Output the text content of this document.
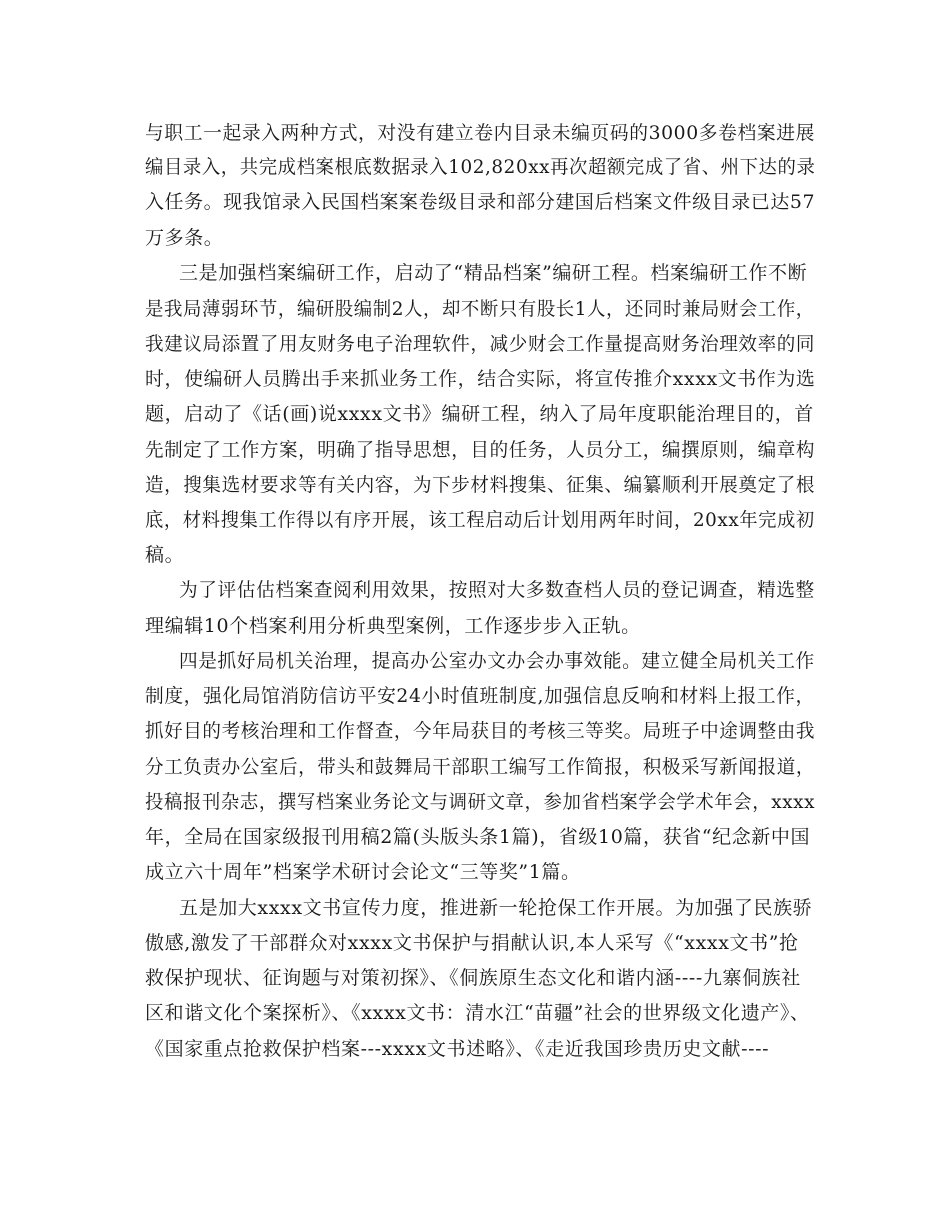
与职工一起录入两种方式，对没有建立卷内目录未编页码的3000多卷档案进展
编目录入，共完成档案根底数据录入102,820xx再次超额完成了省、州下达的录
入任务。现我馆录入民国档案案卷级目录和部分建国后档案文件级目录已达57
万多条。
三是加强档案编研工作，启动了“精品档案”编研工程。档案编研工作不断
是我局薄弱环节，编研股编制2人，却不断只有股长1人，还同时兼局财会工作，
我建议局添置了用友财务电子治理软件，减少财会工作量提高财务治理效率的同
时，使编研人员腾出手来抓业务工作，结合实际，将宣传推介xxxx文书作为选
题，启动了《话(画)说xxxx文书》编研工程，纳入了局年度职能治理目的，首
先制定了工作方案，明确了指导思想，目的任务，人员分工，编撰原则，编章构
造，搜集选材要求等有关内容，为下步材料搜集、征集、编纂顺利开展奠定了根
底，材料搜集工作得以有序开展，该工程启动后计划用两年时间，20xx年完成初
稿。
为了评估估档案查阅利用效果，按照对大多数查档人员的登记调查，精选整
理编辑10个档案利用分析典型案例，工作逐步步入正轨。
四是抓好局机关治理，提高办公室办文办会办事效能。建立健全局机关工作
制度，强化局馆消防信访平安24小时值班制度,加强信息反响和材料上报工作，
抓好目的考核治理和工作督查，今年局获目的考核三等奖。局班子中途调整由我
分工负责办公室后，带头和鼓舞局干部职工编写工作简报，积极采写新闻报道，
投稿报刊杂志，撰写档案业务论文与调研文章，参加省档案学会学术年会，xxxx
年，全局在国家级报刊用稿2篇(头版头条1篇)，省级10篇，获省“纪念新中国
成立六十周年”档案学术研讨会论文“三等奖”1篇。
五是加大xxxx文书宣传力度，推进新一轮抢保工作开展。为加强了民族骄
傲感,激发了干部群众对xxxx文书保护与捐献认识,本人采写《“xxxx文书”抢
救保护现状、征询题与对策初探》、《侗族原生态文化和谐内涵----九寨侗族社
区和谐文化个案探析》、《xxxx文书：清水江“苗疆”社会的世界级文化遗产》、
《国家重点抢救保护档案---xxxx文书述略》、《走近我国珍贵历史文献----
